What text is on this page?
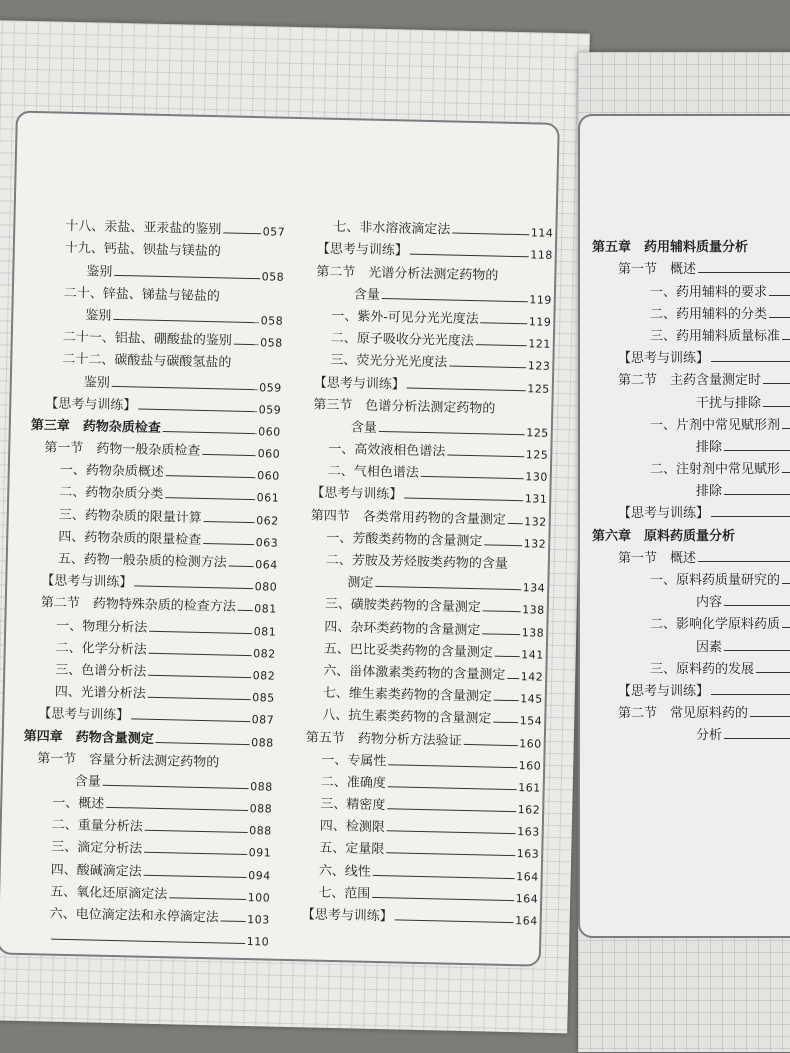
十八、汞盐、亚汞盐的鉴别	057
十九、钙盐、钡盐与镁盐的
鉴别	058
二十、锌盐、锑盐与铋盐的
鉴别	058
二十一、铝盐、硼酸盐的鉴别	058
二十二、碳酸盐与碳酸氢盐的
鉴别	059
【思考与训练】	059
第三章　药物杂质检查	060
第一节　药物一般杂质检查	060
一、药物杂质概述	060
二、药物杂质分类	061
三、药物杂质的限量计算	062
四、药物杂质的限量检查	063
五、药物一般杂质的检测方法	064
【思考与训练】	080
第二节　药物特殊杂质的检查方法 081
一、物理分析法	081
二、化学分析法	082
三、色谱分析法	082
四、光谱分析法	085
【思考与训练】	087
第四章　药物含量测定	088
第一节　容量分析法测定药物的
含量	088
一、概述	088
二、重量分析法	088
三、滴定分析法	091
四、酸碱滴定法	094
五、氧化还原滴定法	100
六、电位滴定法和永停滴定法	103
110
七、非水溶液滴定法	114
【思考与训练】	118
第二节　光谱分析法测定药物的
含量	119
一、紫外-可见分光光度法	119
二、原子吸收分光光度法	121
三、荧光分光光度法	123
【思考与训练】	125
第三节　色谱分析法测定药物的
含量	125
一、高效液相色谱法	125
二、气相色谱法	130
【思考与训练】	131
第四节　各类常用药物的含量测定 132
一、芳酸类药物的含量测定	132
二、芳胺及芳烃胺类药物的含量
测定	134
三、磺胺类药物的含量测定	138
四、杂环类药物的含量测定	138
五、巴比妥类药物的含量测定	141
六、甾体激素类药物的含量测定 142
七、维生素类药物的含量测定	145
八、抗生素类药物的含量测定	154
第五节　药物分析方法验证	160
一、专属性	160
二、准确度	161
三、精密度	162
四、检测限	163
五、定量限	163
六、线性	164
七、范围	164
【思考与训练】	164
第五章　药用辅料质量分析
第一节　概述
一、药用辅料的要求
二、药用辅料的分类
三、药用辅料质量标准
【思考与训练】
第二节　主药含量测定时
干扰与排除
一、片剂中常见赋形剂
排除
二、注射剂中常见赋形
排除
【思考与训练】
第六章　原料药质量分析
第一节　概述
一、原料药质量研究的
内容
二、影响化学原料药质
因素
三、原料药的发展
【思考与训练】
第二节　常见原料药的
分析
